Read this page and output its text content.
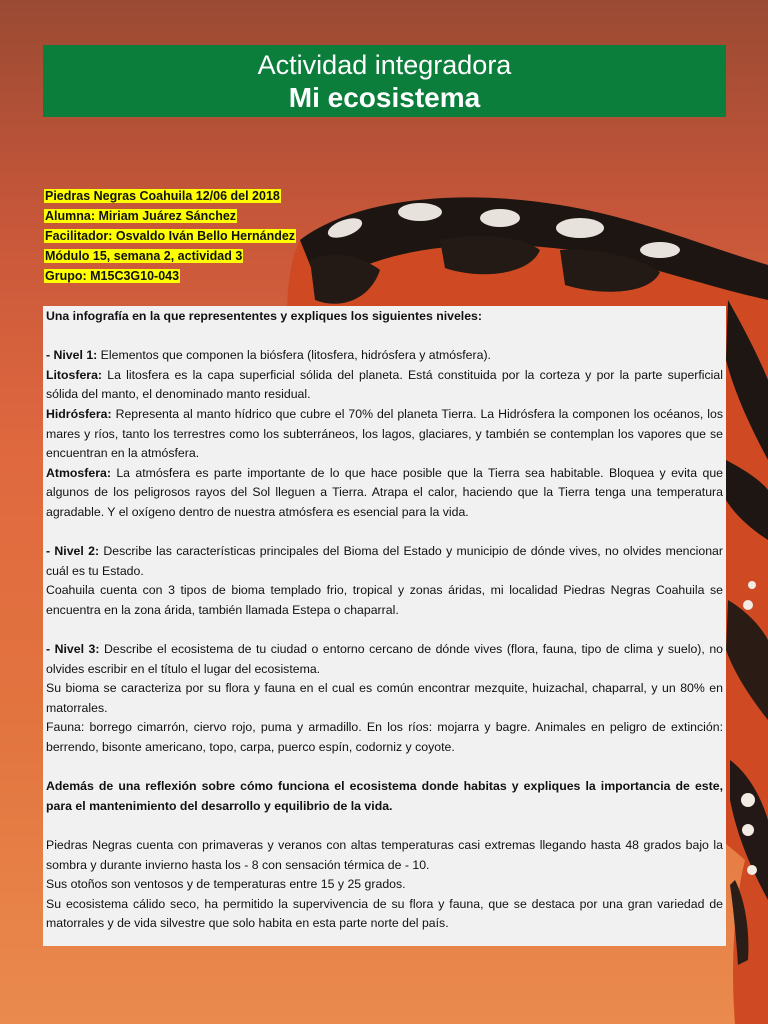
Actividad integradora
Mi ecosistema
Piedras Negras Coahuila 12/06 del 2018
Alumna: Miriam Juárez Sánchez
Facilitador: Osvaldo Iván Bello Hernández
Módulo 15, semana 2, actividad 3
Grupo: M15C3G10-043

Una infografía en la que represententes y expliques los siguientes niveles:

- Nivel 1: Elementos que componen la biósfera (litosfera, hidrósfera y atmósfera).

Litosfera: La litosfera es la capa superficial sólida del planeta. Está constituida por la corteza y por la parte superficial sólida del manto, el denominado manto residual.

Hidrósfera: Representa al manto hídrico que cubre el 70% del planeta Tierra. La Hidrósfera la componen los océanos, los mares y ríos, tanto los terrestres como los subterráneos, los lagos, glaciares, y también se contemplan los vapores que se encuentran en la atmósfera.

Atmosfera: La atmósfera es parte importante de lo que hace posible que la Tierra sea habitable. Bloquea y evita que algunos de los peligrosos rayos del Sol lleguen a Tierra. Atrapa el calor, haciendo que la Tierra tenga una temperatura agradable. Y el oxígeno dentro de nuestra atmósfera es esencial para la vida.

- Nivel 2: Describe las características principales del Bioma del Estado y municipio de dónde vives, no olvides mencionar cuál es tu Estado.

Coahuila cuenta con 3 tipos de bioma templado frio, tropical y zonas áridas, mi localidad Piedras Negras Coahuila se encuentra en la zona árida, también llamada Estepa o chaparral.

- Nivel 3: Describe el ecosistema de tu ciudad o entorno cercano de dónde vives (flora, fauna, tipo de clima y suelo), no olvides escribir en el título el lugar del ecosistema.

Su bioma se caracteriza por su flora y fauna en el cual es común encontrar mezquite, huizachal, chaparral, y un 80% en matorrales.

Fauna: borrego cimarrón, ciervo rojo, puma y armadillo. En los ríos: mojarra y bagre. Animales en peligro de extinción: berrendo, bisonte americano, topo, carpa, puerco espín, codorniz y coyote.

Además de una reflexión sobre cómo funciona el ecosistema donde habitas y expliques la importancia de este, para el mantenimiento del desarrollo y equilibrio de la vida.

Piedras Negras cuenta con primaveras y veranos con altas temperaturas casi extremas llegando hasta 48 grados bajo la sombra y durante invierno hasta los - 8 con sensación térmica de - 10.

Sus otoños son ventosos y de temperaturas entre 15 y 25 grados.

Su ecosistema cálido seco, ha permitido la supervivencia de su flora y fauna, que se destaca por una gran variedad de matorrales y de vida silvestre que solo habita en esta parte norte del país.
